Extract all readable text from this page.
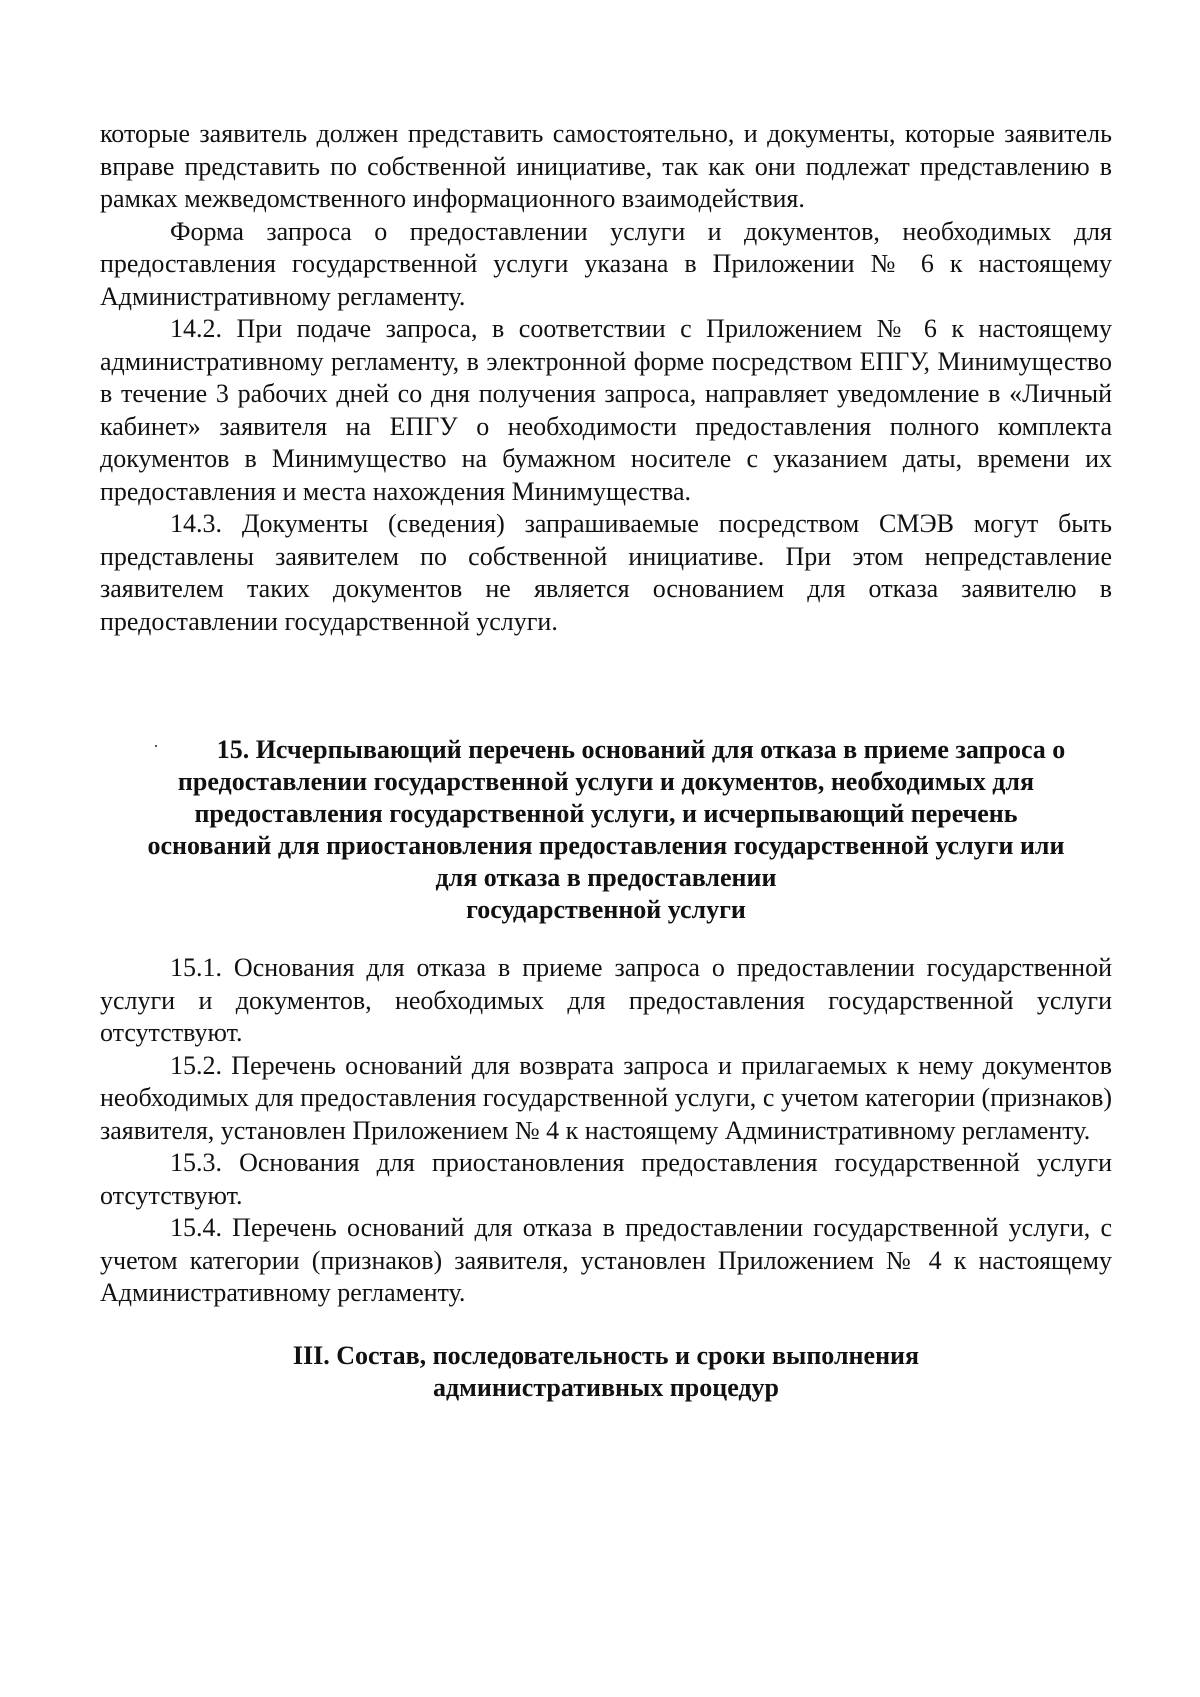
которые заявитель должен представить самостоятельно, и документы, которые заявитель вправе представить по собственной инициативе, так как они подлежат представлению в рамках межведомственного информационного взаимодействия.

Форма запроса о предоставлении услуги и документов, необходимых для предоставления государственной услуги указана в Приложении № 6 к настоящему Административному регламенту.

14.2. При подаче запроса, в соответствии с Приложением № 6 к настоящему административному регламенту, в электронной форме посредством ЕПГУ, Минимущество в течение 3 рабочих дней со дня получения запроса, направляет уведомление в «Личный кабинет» заявителя на ЕПГУ о необходимости предоставления полного комплекта документов в Минимущество на бумажном носителе с указанием даты, времени их предоставления и места нахождения Минимущества.

14.3. Документы (сведения) запрашиваемые посредством СМЭВ могут быть представлены заявителем по собственной инициативе. При этом непредставление заявителем таких документов не является основанием для отказа заявителю в предоставлении государственной услуги.

15. Исчерпывающий перечень оснований для отказа в приеме запроса о
предоставлении государственной услуги и документов, необходимых для
предоставления государственной услуги, и исчерпывающий перечень
оснований для приостановления предоставления государственной услуги или
для отказа в предоставлении
государственной услуги

15.1. Основания для отказа в приеме запроса о предоставлении государственной услуги и документов, необходимых для предоставления государственной услуги отсутствуют.

15.2. Перечень оснований для возврата запроса и прилагаемых к нему документов необходимых для предоставления государственной услуги, с учетом категории (признаков) заявителя, установлен Приложением № 4 к настоящему Административному регламенту.

15.3. Основания для приостановления предоставления государственной услуги отсутствуют.

15.4. Перечень оснований для отказа в предоставлении государственной услуги, с учетом категории (признаков) заявителя, установлен Приложением № 4 к настоящему Административному регламенту.

III. Состав, последовательность и сроки выполнения
административных процедур
